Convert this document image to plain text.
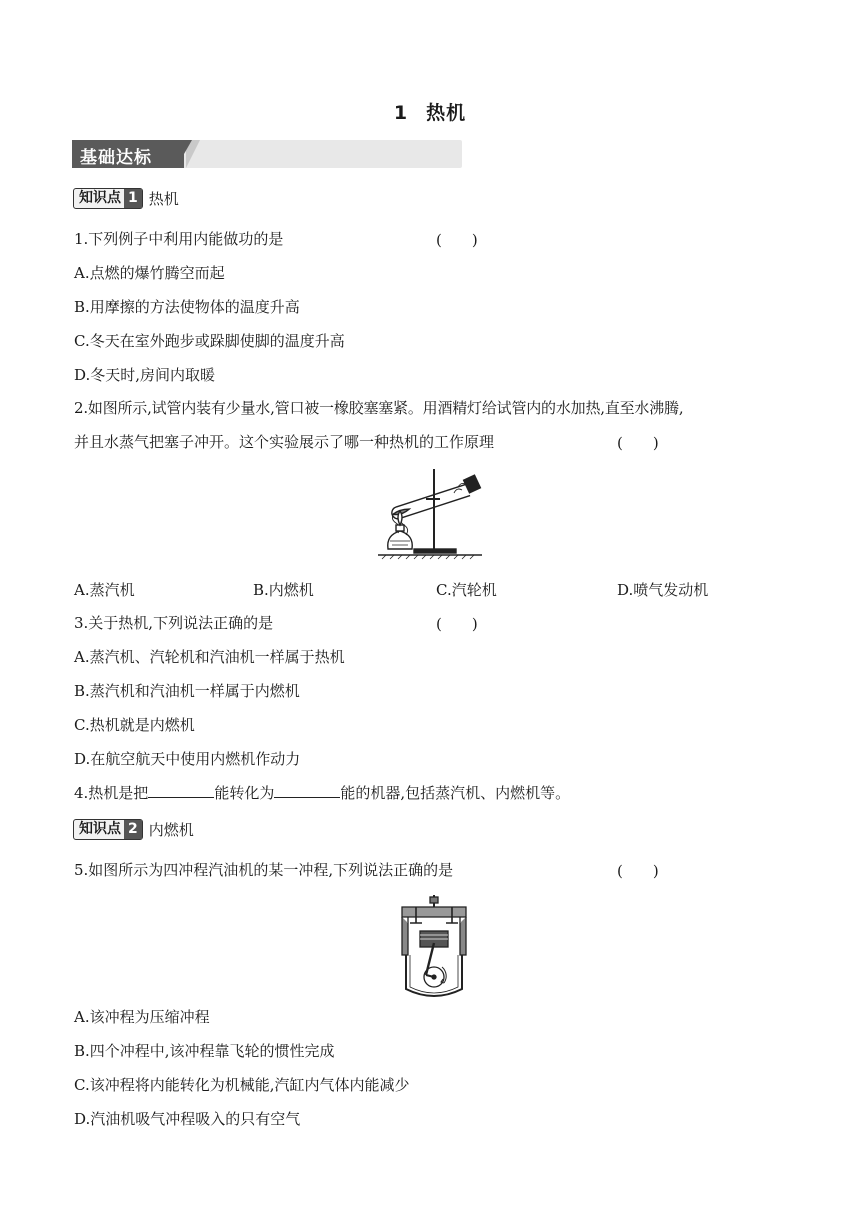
1 热机
基础达标
知识点 1 热机
1.下列例子中利用内能做功的是	(　　)
A.点燃的爆竹腾空而起
B.用摩擦的方法使物体的温度升高
C.冬天在室外跑步或跺脚使脚的温度升高
D.冬天时,房间内取暖
2.如图所示,试管内装有少量水,管口被一橡胶塞塞紧。用酒精灯给试管内的水加热,直至水沸腾,
并且水蒸气把塞子冲开。这个实验展示了哪一种热机的工作原理	(　　)
A.蒸汽机	B.内燃机	C.汽轮机	D.喷气发动机
3.关于热机,下列说法正确的是	(　　)
A.蒸汽机、汽轮机和汽油机一样属于热机
B.蒸汽机和汽油机一样属于内燃机
C.热机就是内燃机
D.在航空航天中使用内燃机作动力
4.热机是把	能转化为	能的机器,包括蒸汽机、内燃机等。
知识点 2 内燃机
5.如图所示为四冲程汽油机的某一冲程,下列说法正确的是	(　　)
A.该冲程为压缩冲程
B.四个冲程中,该冲程靠飞轮的惯性完成
C.该冲程将内能转化为机械能,汽缸内气体内能减少
D.汽油机吸气冲程吸入的只有空气
